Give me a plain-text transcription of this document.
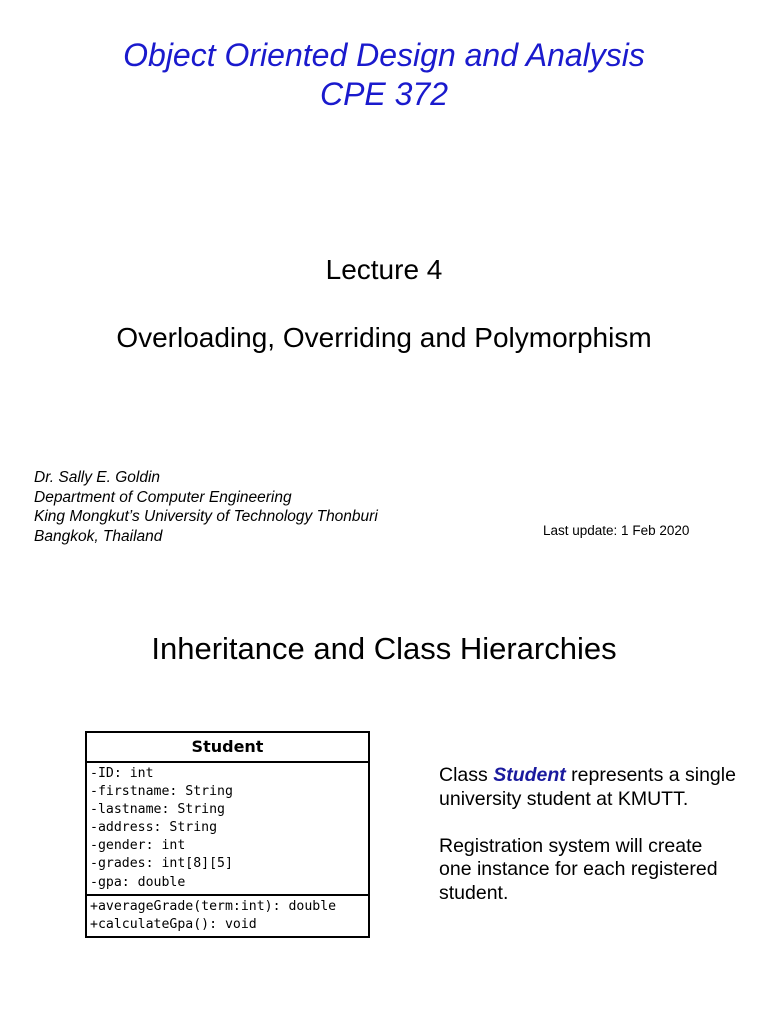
Object Oriented Design and Analysis
CPE 372
Lecture 4
Overloading, Overriding and Polymorphism
Dr. Sally E. Goldin
Department of Computer Engineering
King Mongkut’s University of Technology Thonburi
Bangkok, Thailand	Last update: 1 Feb 2020
Inheritance and Class Hierarchies
Student
-ID: int
-firstname: String
-lastname: String
-address: String
-gender: int
-grades: int[8][5]
-gpa: double
+averageGrade(term:int): double
+calculateGpa(): void

Class Student represents a single university student at KMUTT.

Registration system will create one instance for each registered student.
